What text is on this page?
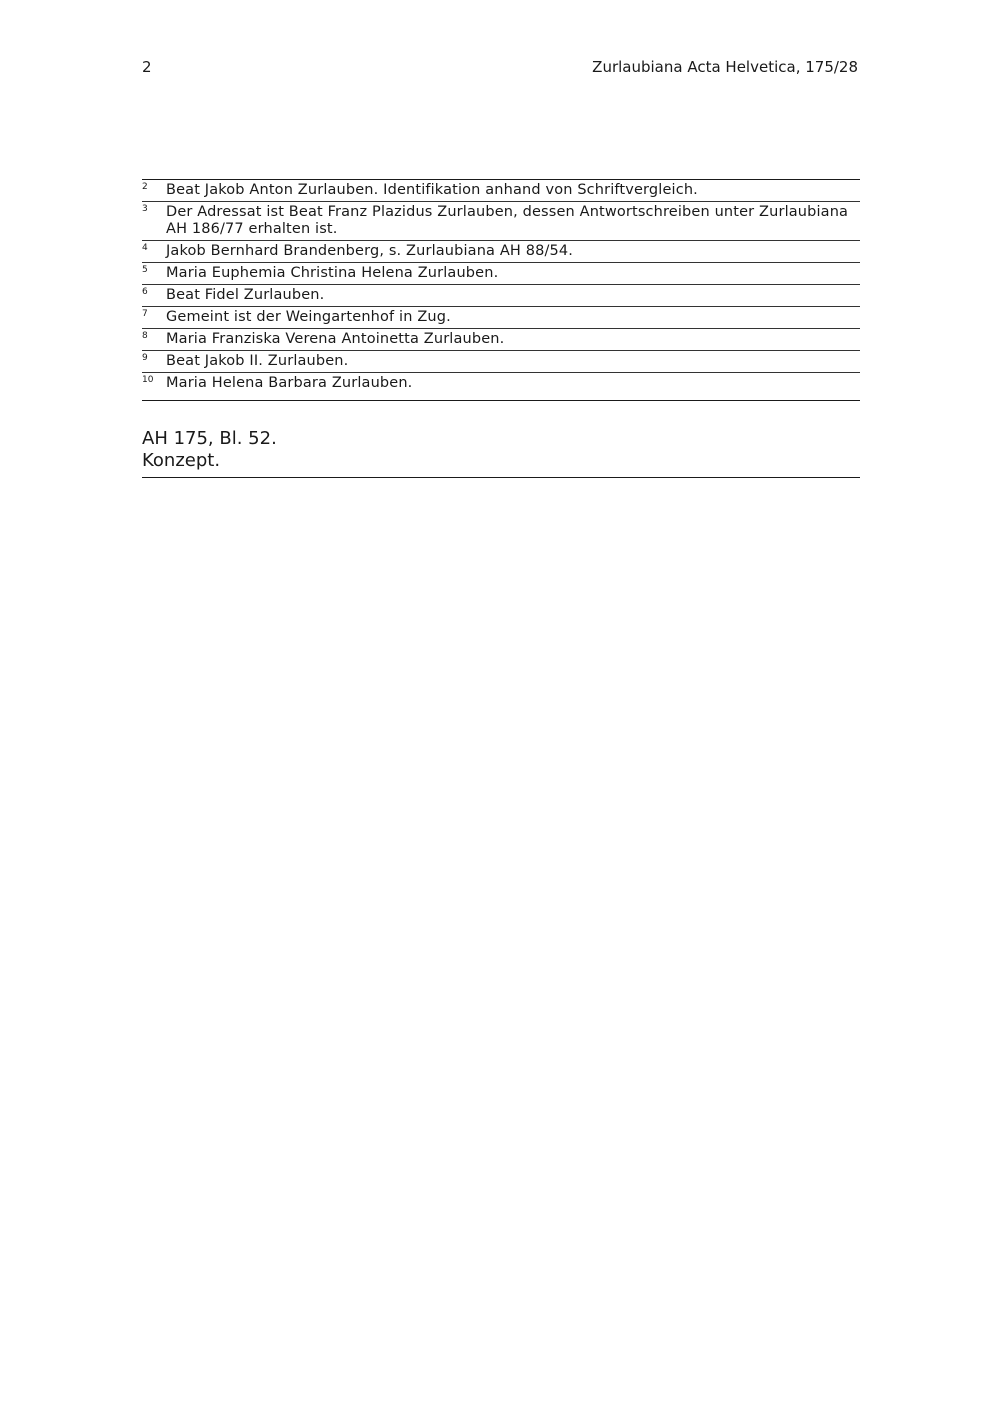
2	Zurlaubiana Acta Helvetica, 175/28
2	Beat Jakob Anton Zurlauben. Identifikation anhand von Schriftvergleich.
3	Der Adressat ist Beat Franz Plazidus Zurlauben, dessen Antwortschreiben unter Zurlaubiana AH 186/77 erhalten ist.
4	Jakob Bernhard Brandenberg, s. Zurlaubiana AH 88/54.
5	Maria Euphemia Christina Helena Zurlauben.
6	Beat Fidel Zurlauben.
7	Gemeint ist der Weingartenhof in Zug.
8	Maria Franziska Verena Antoinetta Zurlauben.
9	Beat Jakob II. Zurlauben.
10 Maria Helena Barbara Zurlauben.
AH 175, Bl. 52.
Konzept.
